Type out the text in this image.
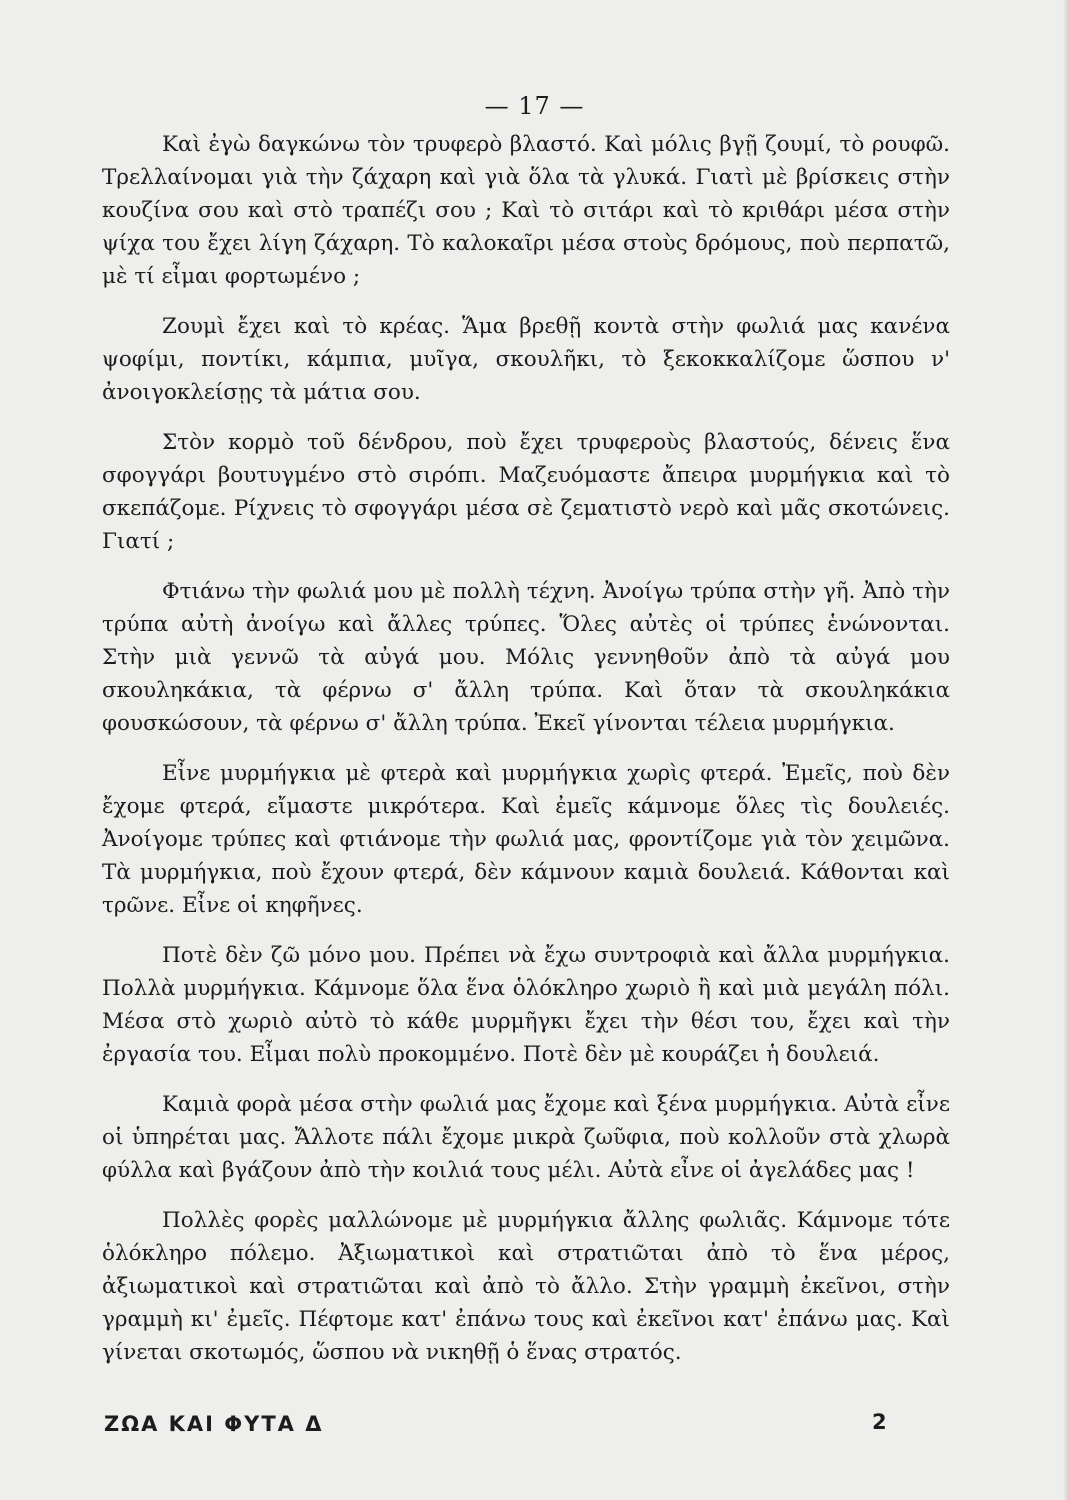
— 17 —

Καὶ ἐγὼ δαγκώνω τὸν τρυφερὸ βλαστό. Καὶ μόλις βγῇ ζουμί, τὸ ρουφῶ. Τρελλαίνομαι γιὰ τὴν ζάχαρη καὶ γιὰ ὅλα τὰ γλυκά. Γιατὶ μὲ βρίσκεις στὴν κουζίνα σου καὶ στὸ τραπέζι σου ; Καὶ τὸ σιτάρι καὶ τὸ κριθάρι μέσα στὴν ψίχα του ἔχει λίγη ζάχαρη. Τὸ καλοκαῖρι μέσα στοὺς δρόμους, ποὺ περπατῶ, μὲ τί εἶμαι φορτωμένο ;

Ζουμὶ ἔχει καὶ τὸ κρέας. Ἅμα βρεθῇ κοντὰ στὴν φωλιά μας κανένα ψοφίμι, ποντίκι, κάμπια, μυῖγα, σκουλῆκι, τὸ ξεκοκκαλίζομε ὥσπου ν' ἀνοιγοκλείσῃς τὰ μάτια σου.

Στὸν κορμὸ τοῦ δένδρου, ποὺ ἔχει τρυφεροὺς βλαστούς, δένεις ἕνα σφογγάρι βουτυγμένο στὸ σιρόπι. Μαζευόμαστε ἄπειρα μυρμήγκια καὶ τὸ σκεπάζομε. Ρίχνεις τὸ σφογγάρι μέσα σὲ ζεματιστὸ νερὸ καὶ μᾶς σκοτώνεις. Γιατί ;

Φτιάνω τὴν φωλιά μου μὲ πολλὴ τέχνη. Ἀνοίγω τρύπα στὴν γῆ. Ἀπὸ τὴν τρύπα αὐτὴ ἀνοίγω καὶ ἄλλες τρύπες. Ὅλες αὐτὲς οἱ τρύπες ἑνώνονται. Στὴν μιὰ γεννῶ τὰ αὐγά μου. Μόλις γεννηθοῦν ἀπὸ τὰ αὐγά μου σκουληκάκια, τὰ φέρνω σ' ἄλλη τρύπα. Καὶ ὅταν τὰ σκουληκάκια φουσκώσουν, τὰ φέρνω σ' ἄλλη τρύπα. Ἐκεῖ γίνονται τέλεια μυρμήγκια.

Εἶνε μυρμήγκια μὲ φτερὰ καὶ μυρμήγκια χωρὶς φτερά. Ἐμεῖς, ποὺ δὲν ἔχομε φτερά, εἴμαστε μικρότερα. Καὶ ἐμεῖς κάμνομε ὅλες τὶς δουλειές. Ἀνοίγομε τρύπες καὶ φτιάνομε τὴν φωλιά μας, φροντίζομε γιὰ τὸν χειμῶνα. Τὰ μυρμήγκια, ποὺ ἔχουν φτερά, δὲν κάμνουν καμιὰ δουλειά. Κάθονται καὶ τρῶνε. Εἶνε οἱ κηφῆνες.

Ποτὲ δὲν ζῶ μόνο μου. Πρέπει νὰ ἔχω συντροφιὰ καὶ ἄλλα μυρμήγκια. Πολλὰ μυρμήγκια. Κάμνομε ὅλα ἕνα ὁλόκληρο χωριὸ ἢ καὶ μιὰ μεγάλη πόλι. Μέσα στὸ χωριὸ αὐτὸ τὸ κάθε μυρμῆγκι ἔχει τὴν θέσι του, ἔχει καὶ τὴν ἐργασία του. Εἶμαι πολὺ προκομμένο. Ποτὲ δὲν μὲ κουράζει ἡ δουλειά.

Καμιὰ φορὰ μέσα στὴν φωλιά μας ἔχομε καὶ ξένα μυρμήγκια. Αὐτὰ εἶνε οἱ ὑπηρέται μας. Ἄλλοτε πάλι ἔχομε μικρὰ ζωῦφια, ποὺ κολλοῦν στὰ χλωρὰ φύλλα καὶ βγάζουν ἀπὸ τὴν κοιλιά τους μέλι. Αὐτὰ εἶνε οἱ ἀγελάδες μας !

Πολλὲς φορὲς μαλλώνομε μὲ μυρμήγκια ἄλλης φωλιᾶς. Κάμνομε τότε ὁλόκληρο πόλεμο. Ἀξιωματικοὶ καὶ στρατιῶται ἀπὸ τὸ ἕνα μέρος, ἀξιωματικοὶ καὶ στρατιῶται καὶ ἀπὸ τὸ ἄλλο. Στὴν γραμμὴ ἐκεῖνοι, στὴν γραμμὴ κι' ἐμεῖς. Πέφτομε κατ' ἐπάνω τους καὶ ἐκεῖνοι κατ' ἐπάνω μας. Καὶ γίνεται σκοτωμός, ὥσπου νὰ νικηθῇ ὁ ἕνας στρατός.

ΖΩΑ ΚΑΙ ΦΥΤΑ Δ	2
